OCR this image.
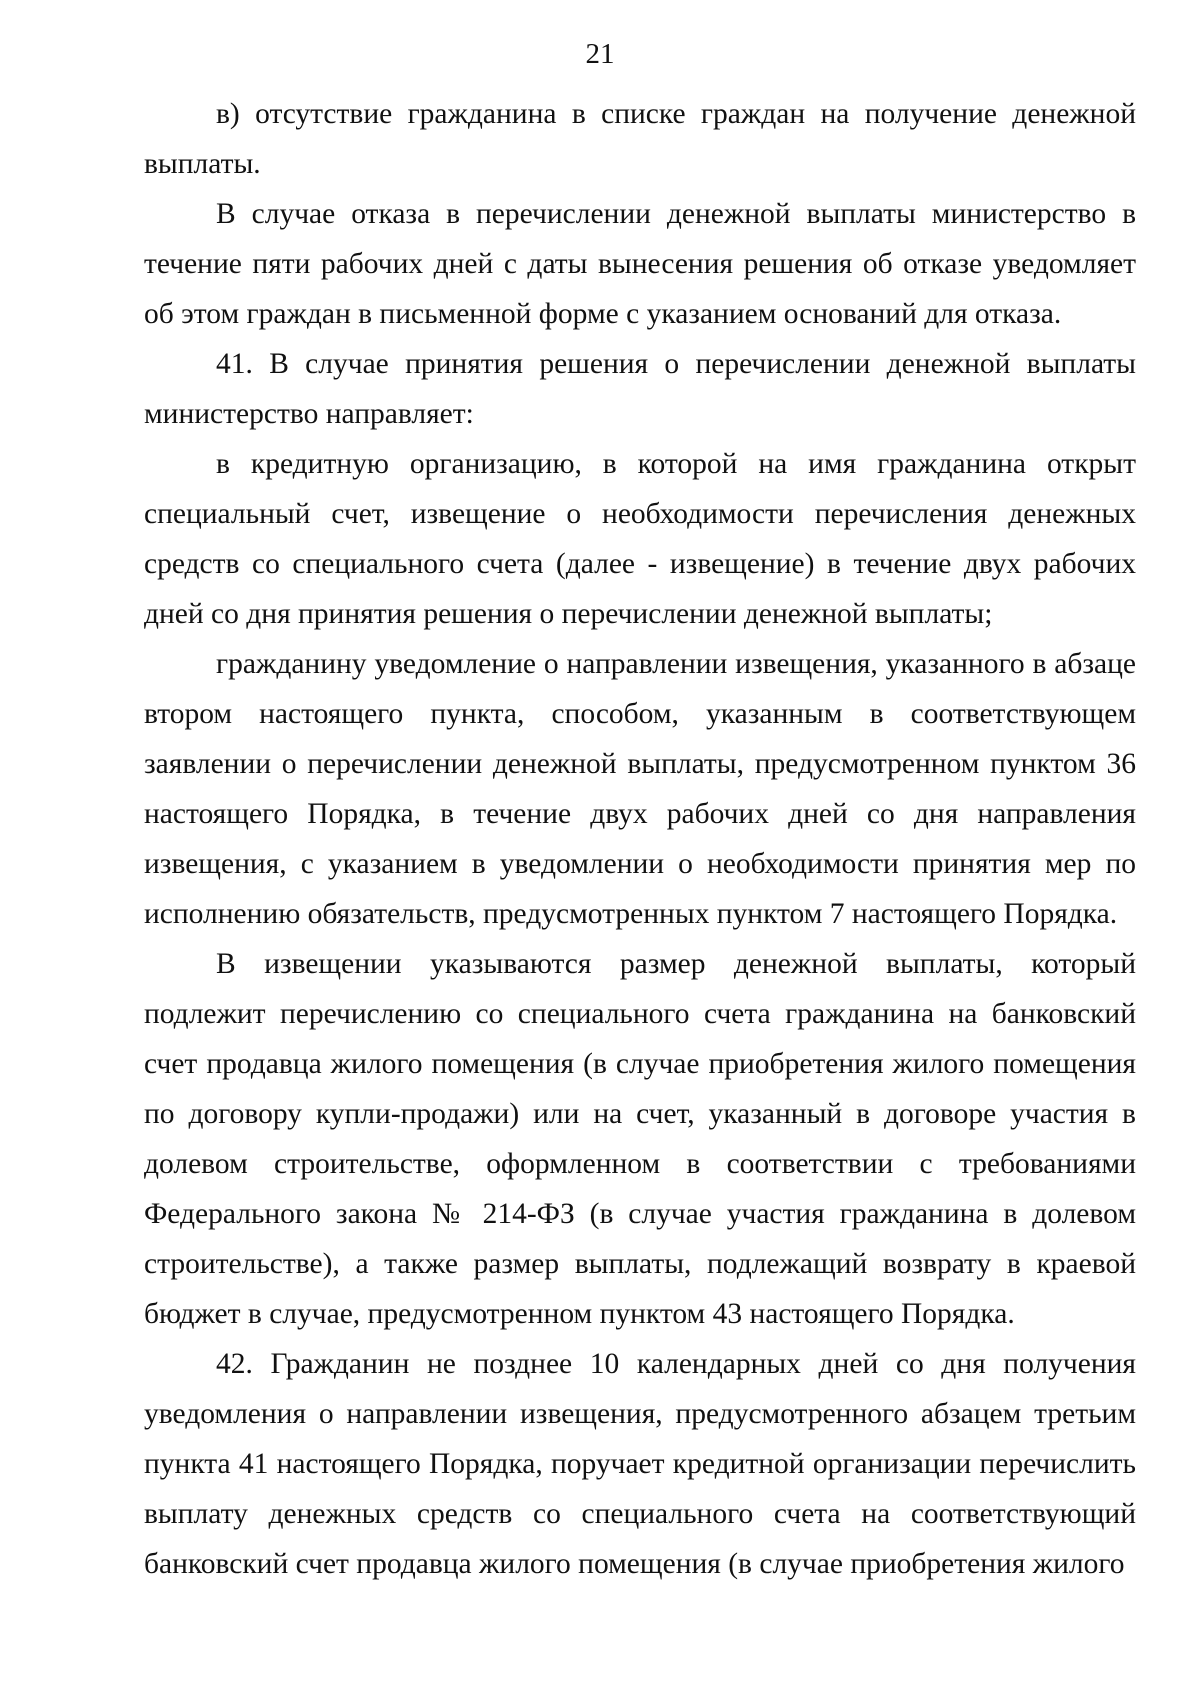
21

в) отсутствие гражданина в списке граждан на получение денежной выплаты.

В случае отказа в перечислении денежной выплаты министерство в течение пяти рабочих дней с даты вынесения решения об отказе уведомляет об этом граждан в письменной форме с указанием оснований для отказа.

41. В случае принятия решения о перечислении денежной выплаты министерство направляет:

в кредитную организацию, в которой на имя гражданина открыт специальный счет, извещение о необходимости перечисления денежных средств со специального счета (далее - извещение) в течение двух рабочих дней со дня принятия решения о перечислении денежной выплаты;

гражданину уведомление о направлении извещения, указанного в абзаце втором настоящего пункта, способом, указанным в соответствующем заявлении о перечислении денежной выплаты, предусмотренном пунктом 36 настоящего Порядка, в течение двух рабочих дней со дня направления извещения, с указанием в уведомлении о необходимости принятия мер по исполнению обязательств, предусмотренных пунктом 7 настоящего Порядка.

В извещении указываются размер денежной выплаты, который подлежит перечислению со специального счета гражданина на банковский счет продавца жилого помещения (в случае приобретения жилого помещения по договору купли-продажи) или на счет, указанный в договоре участия в долевом строительстве, оформленном в соответствии с требованиями Федерального закона № 214-ФЗ (в случае участия гражданина в долевом строительстве), а также размер выплаты, подлежащий возврату в краевой бюджет в случае, предусмотренном пунктом 43 настоящего Порядка.

42. Гражданин не позднее 10 календарных дней со дня получения уведомления о направлении извещения, предусмотренного абзацем третьим пункта 41 настоящего Порядка, поручает кредитной организации перечислить выплату денежных средств со специального счета на соответствующий банковский счет продавца жилого помещения (в случае приобретения жилого
